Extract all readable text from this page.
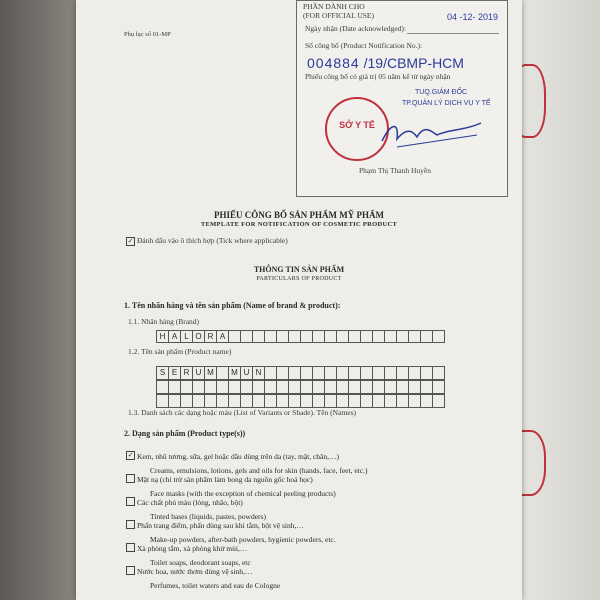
Phụ lục số 01-MP
PHẦN DÀNH CHO
(FOR OFFICIAL USE)
Ngày nhận (Date acknowledged):
04 -12- 2019
Số công bố (Product Notification No.):
004884 /19/CBMP-HCM
Phiếu công bố có giá trị 05 năm kể từ ngày nhận
TUQ.GIÁM ĐỐC
TP.QUẢN LÝ DỊCH VỤ Y TẾ
SỞ Y TẾ
Phạm Thị Thanh Huyền
PHIẾU CÔNG BỐ SẢN PHẨM MỸ PHẨM
TEMPLATE FOR NOTIFICATION OF COSMETIC PRODUCT
✓ Đánh dấu vào ô thích hợp (Tick where applicable)
THÔNG TIN SẢN PHẨM
PARTICULARS OF PRODUCT
1. Tên nhãn hàng và tên sản phẩm (Name of brand & product):
1.1. Nhãn hàng (Brand)
H A L O R A
1.2. Tên sản phẩm (Product name)
S E R U M	M U N
1.3. Danh sách các dạng hoặc màu (List of Variants or Shade). Tên (Names)
2. Dạng sản phẩm (Product type(s))
✓ Kem, nhũ tương, sữa, gel hoặc dầu dùng trên da (tay, mặt, chân,…)
Creams, emulsions, lotions, gels and oils for skin (hands, face, feet, etc.)
Mặt nạ (chỉ trừ sản phẩm làm bong da nguồn gốc hoá học)
Face masks (with the exception of chemical peeling products)
Các chất phủ màu (lỏng, nhão, bột)
Tinted bases (liquids, pastes, powders)
Phấn trang điểm, phấn dùng sau khi tắm, bột vệ sinh,…
Make-up powders, after-bath powders, hygienic powders, etc.
Xà phòng tắm, xà phòng khử mùi,…
Toilet soaps, deodorant soaps, etc
Nước hoa, nước thơm dùng vệ sinh,…
Perfumes, toilet waters and eau de Cologne
